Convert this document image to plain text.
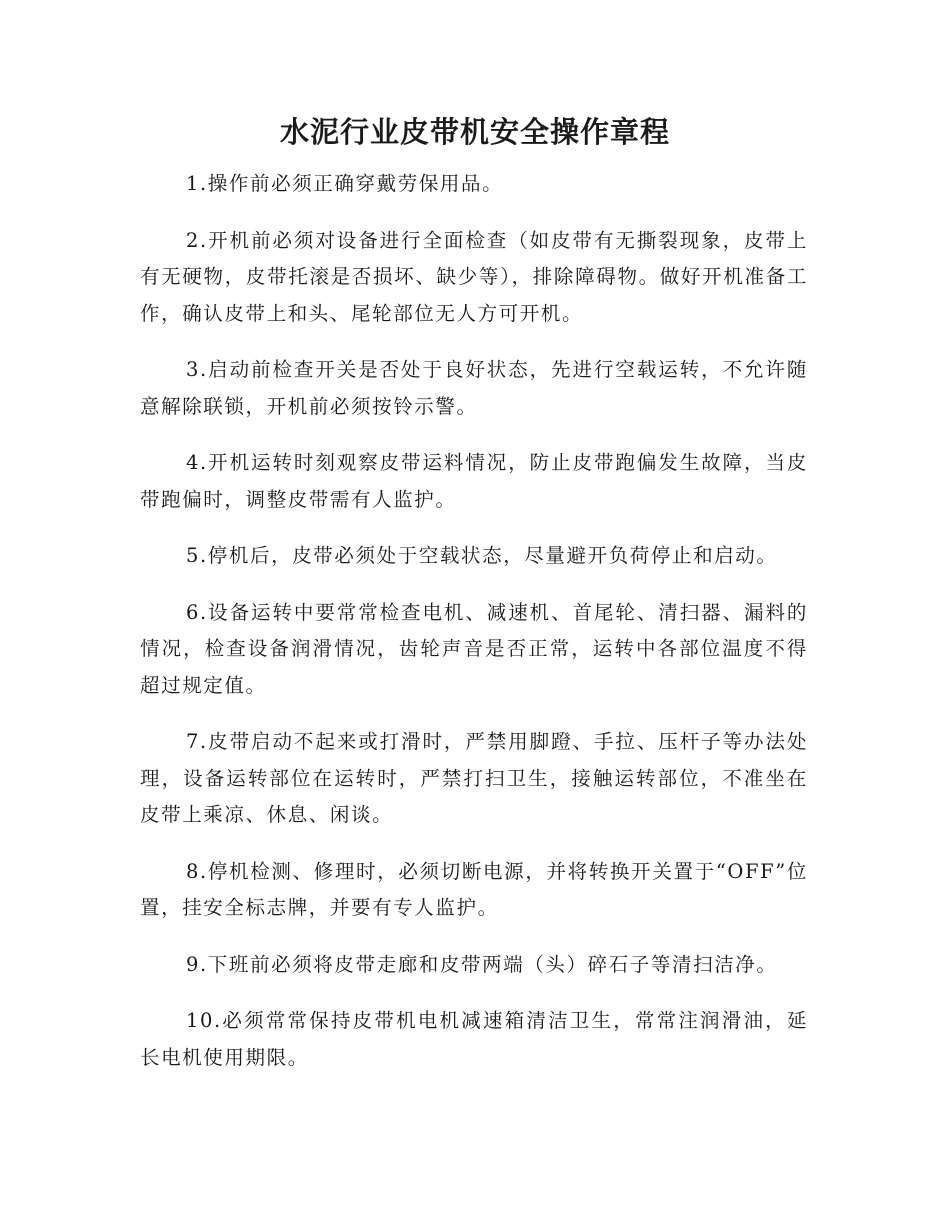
水泥行业皮带机安全操作章程

1.操作前必须正确穿戴劳保用品。

2.开机前必须对设备进行全面检查（如皮带有无撕裂现象，皮带上有无硬物，皮带托滚是否损坏、缺少等），排除障碍物。做好开机准备工作，确认皮带上和头、尾轮部位无人方可开机。

3.启动前检查开关是否处于良好状态，先进行空载运转，不允许随意解除联锁，开机前必须按铃示警。

4.开机运转时刻观察皮带运料情况，防止皮带跑偏发生故障，当皮带跑偏时，调整皮带需有人监护。

5.停机后，皮带必须处于空载状态，尽量避开负荷停止和启动。

6.设备运转中要常常检查电机、减速机、首尾轮、清扫器、漏料的情况，检查设备润滑情况，齿轮声音是否正常，运转中各部位温度不得超过规定值。

7.皮带启动不起来或打滑时，严禁用脚蹬、手拉、压杆子等办法处理，设备运转部位在运转时，严禁打扫卫生，接触运转部位，不准坐在皮带上乘凉、休息、闲谈。

8.停机检测、修理时，必须切断电源，并将转换开关置于“OFF”位置，挂安全标志牌，并要有专人监护。

9.下班前必须将皮带走廊和皮带两端（头）碎石子等清扫洁净。

10.必须常常保持皮带机电机减速箱清洁卫生，常常注润滑油，延长电机使用期限。
